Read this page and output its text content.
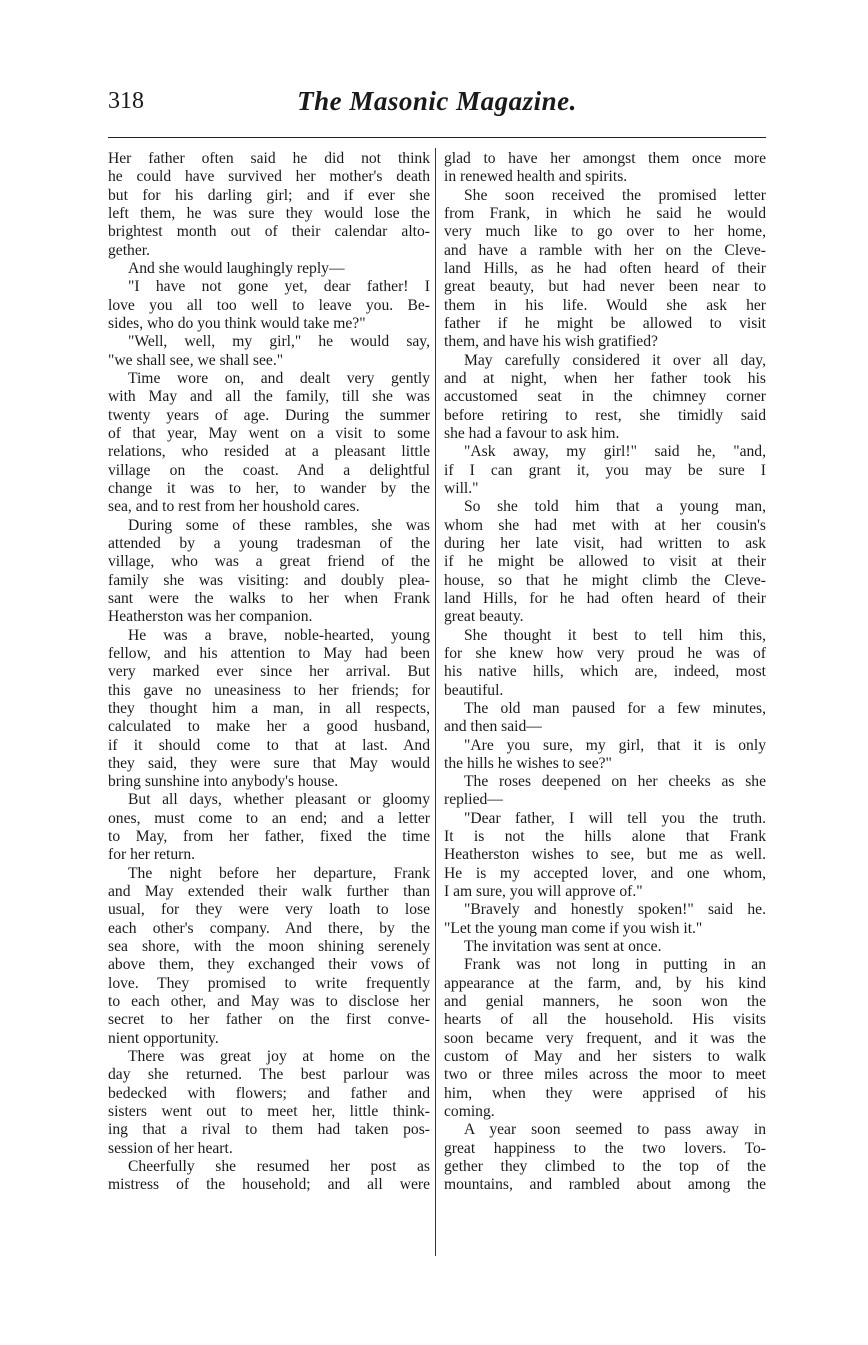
318	The Masonic Magazine.
Her father often said he did not think
he could have survived her mother's death
but for his darling girl; and if ever she
left them, he was sure they would lose the
brightest month out of their calendar alto-
gether.
And she would laughingly reply—
"I have not gone yet, dear father! I
love you all too well to leave you. Be-
sides, who do you think would take me?"
"Well, well, my girl," he would say,
"we shall see, we shall see."
Time wore on, and dealt very gently
with May and all the family, till she was
twenty years of age. During the summer
of that year, May went on a visit to some
relations, who resided at a pleasant little
village on the coast. And a delightful
change it was to her, to wander by the
sea, and to rest from her houshold cares.
During some of these rambles, she was
attended by a young tradesman of the
village, who was a great friend of the
family she was visiting: and doubly plea-
sant were the walks to her when Frank
Heatherston was her companion.
He was a brave, noble-hearted, young
fellow, and his attention to May had been
very marked ever since her arrival. But
this gave no uneasiness to her friends; for
they thought him a man, in all respects,
calculated to make her a good husband,
if it should come to that at last. And
they said, they were sure that May would
bring sunshine into anybody's house.
But all days, whether pleasant or gloomy
ones, must come to an end; and a letter
to May, from her father, fixed the time
for her return.
The night before her departure, Frank
and May extended their walk further than
usual, for they were very loath to lose
each other's company. And there, by the
sea shore, with the moon shining serenely
above them, they exchanged their vows of
love. They promised to write frequently
to each other, and May was to disclose her
secret to her father on the first conve-
nient opportunity.
There was great joy at home on the
day she returned. The best parlour was
bedecked with flowers; and father and
sisters went out to meet her, little think-
ing that a rival to them had taken pos-
session of her heart.
Cheerfully she resumed her post as
mistress of the household; and all were
glad to have her amongst them once more
in renewed health and spirits.
She soon received the promised letter
from Frank, in which he said he would
very much like to go over to her home,
and have a ramble with her on the Cleve-
land Hills, as he had often heard of their
great beauty, but had never been near to
them in his life. Would she ask her
father if he might be allowed to visit
them, and have his wish gratified?
May carefully considered it over all day,
and at night, when her father took his
accustomed seat in the chimney corner
before retiring to rest, she timidly said
she had a favour to ask him.
"Ask away, my girl!" said he, "and,
if I can grant it, you may be sure I
will."
So she told him that a young man,
whom she had met with at her cousin's
during her late visit, had written to ask
if he might be allowed to visit at their
house, so that he might climb the Cleve-
land Hills, for he had often heard of their
great beauty.
She thought it best to tell him this,
for she knew how very proud he was of
his native hills, which are, indeed, most
beautiful.
The old man paused for a few minutes,
and then said—
"Are you sure, my girl, that it is only
the hills he wishes to see?"
The roses deepened on her cheeks as she
replied—
"Dear father, I will tell you the truth.
It is not the hills alone that Frank
Heatherston wishes to see, but me as well.
He is my accepted lover, and one whom,
I am sure, you will approve of."
"Bravely and honestly spoken!" said he.
"Let the young man come if you wish it."
The invitation was sent at once.
Frank was not long in putting in an
appearance at the farm, and, by his kind
and genial manners, he soon won the
hearts of all the household. His visits
soon became very frequent, and it was the
custom of May and her sisters to walk
two or three miles across the moor to meet
him, when they were apprised of his
coming.
A year soon seemed to pass away in
great happiness to the two lovers. To-
gether they climbed to the top of the
mountains, and rambled about among the
